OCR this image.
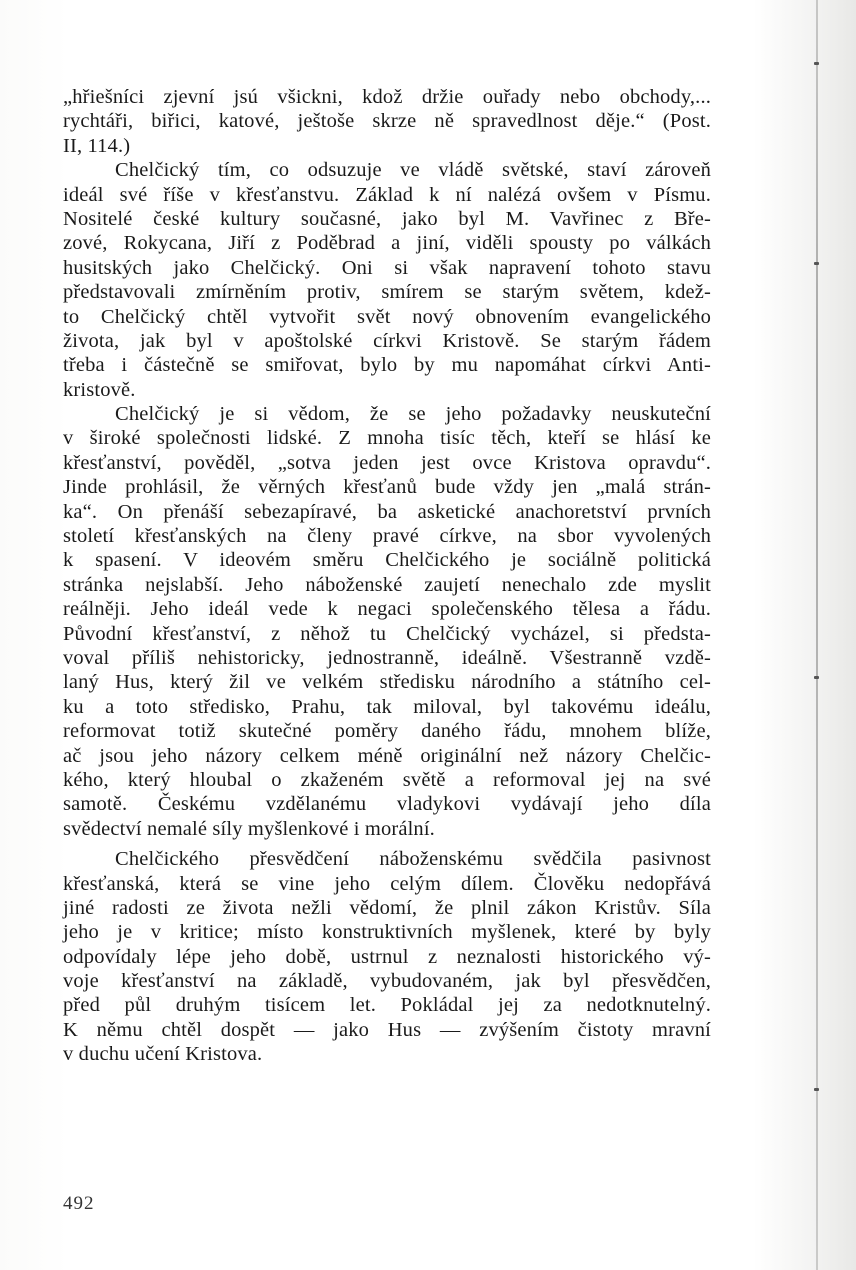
„hřiešníci zjevní jsú všickni, kdož držie ouřady nebo obchody,...
rychtáři, biřici, katové, ještoše skrze ně spravedlnost děje.“ (Post.
II, 114.)
Chelčický tím, co odsuzuje ve vládě světské, staví zároveň
ideál své říše v křesťanstvu. Základ k ní nalézá ovšem v Písmu.
Nositelé české kultury současné, jako byl M. Vavřinec z Bře-
zové, Rokycana, Jiří z Poděbrad a jiní, viděli spousty po válkách
husitských jako Chelčický. Oni si však napravení tohoto stavu
představovali zmírněním protiv, smírem se starým světem, kdež-
to Chelčický chtěl vytvořit svět nový obnovením evangelického
života, jak byl v apoštolské církvi Kristově. Se starým řádem
třeba i částečně se smiřovat, bylo by mu napomáhat církvi Anti-
kristově.
Chelčický je si vědom, že se jeho požadavky neuskuteční
v široké společnosti lidské. Z mnoha tisíc těch, kteří se hlásí ke
křesťanství, pověděl, „sotva jeden jest ovce Kristova opravdu“.
Jinde prohlásil, že věrných křesťanů bude vždy jen „malá strán-
ka“. On přenáší sebezapíravé, ba asketické anachoretství prvních
století křesťanských na členy pravé církve, na sbor vyvolených
k spasení. V ideovém směru Chelčického je sociálně politická
stránka nejslabší. Jeho náboženské zaujetí nenechalo zde myslit
reálněji. Jeho ideál vede k negaci společenského tělesa a řádu.
Původní křesťanství, z něhož tu Chelčický vycházel, si předsta-
voval příliš nehistoricky, jednostranně, ideálně. Všestranně vzdě-
laný Hus, který žil ve velkém středisku národního a státního cel-
ku a toto středisko, Prahu, tak miloval, byl takovému ideálu,
reformovat totiž skutečné poměry daného řádu, mnohem blíže,
ač jsou jeho názory celkem méně originální než názory Chelčic-
kého, který hloubal o zkaženém světě a reformoval jej na své
samotě. Českému vzdělanému vladykovi vydávají jeho díla
svědectví nemalé síly myšlenkové i morální.
Chelčického přesvědčení náboženskému svědčila pasivnost
křesťanská, která se vine jeho celým dílem. Člověku nedopřává
jiné radosti ze života nežli vědomí, že plnil zákon Kristův. Síla
jeho je v kritice; místo konstruktivních myšlenek, které by byly
odpovídaly lépe jeho době, ustrnul z neznalosti historického vý-
voje křesťanství na základě, vybudovaném, jak byl přesvědčen,
před půl druhým tisícem let. Pokládal jej za nedotknutelný.
K němu chtěl dospět — jako Hus — zvýšením čistoty mravní
v duchu učení Kristova.
492
